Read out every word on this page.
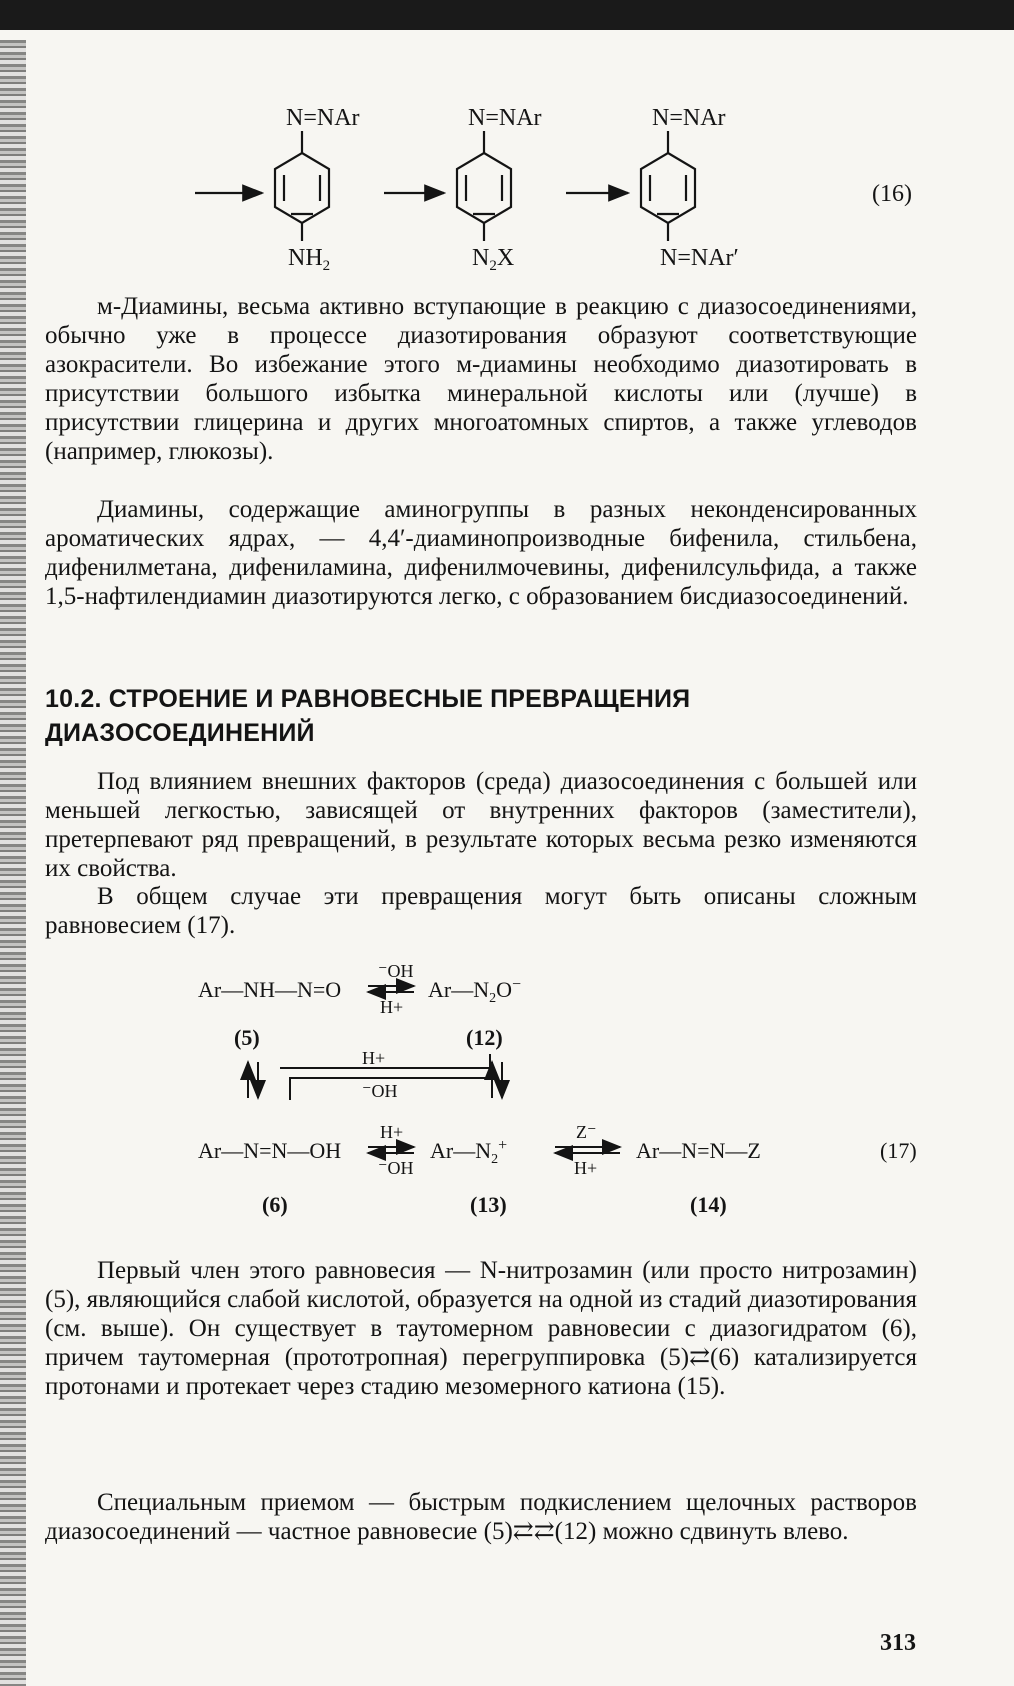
N=NAr	N=NAr	N=NAr
$NH_2$	$N_2X$	N=NAr′
(16)

м-Диамины, весьма активно вступающие в реакцию с диазосоединениями, обычно уже в процессе диазотирования образуют соответствующие азокрасители. Во избежание этого м-диамины необходимо диазотировать в присутствии большого избытка минеральной кислоты или (лучше) в присутствии глицерина и других многоатомных спиртов, а также углеводов (например, глюкозы).

Диамины, содержащие аминогруппы в разных неконденсированных ароматических ядрах, — 4,4′-диаминопроизводные бифенила, стильбена, дифенилметана, дифениламина, дифенилмочевины, дифенилсульфида, а также 1,5-нафтилендиамин диазотируются легко, с образованием бисдиазосоединений.

10.2. СТРОЕНИЕ И РАВНОВЕСНЫЕ ПРЕВРАЩЕНИЯ
ДИАЗОСОЕДИНЕНИЙ

Под влиянием внешних факторов (среда) диазосоединения с большей или меньшей легкостью, зависящей от внутренних факторов (заместители), претерпевают ряд превращений, в результате которых весьма резко изменяются их свойства.

В общем случае эти превращения могут быть описаны сложным равновесием (17).

Ar—NH—N=O
⁻OH
H+
$Ar—N_2O^-$
(5)	(12)
H+
⁻OH
Ar—N=N—OH
H+
⁻OH
$Ar—N_2^+$
Z⁻
H+
Ar—N=N—Z	(17)
(6)	(13)	(14)

Первый член этого равновесия — N-нитрозамин (или просто нитрозамин) (5), являющийся слабой кислотой, образуется на одной из стадий диазотирования (см. выше). Он существует в таутомерном равновесии с диазогидратом (6), причем таутомерная (прототропная) перегруппировка (5)⇄(6) катализируется протонами и протекает через стадию мезомерного катиона (15).

Специальным приемом — быстрым подкислением щелочных растворов диазосоединений — частное равновесие (5)⇄⇄(12) можно сдвинуть влево.

313
